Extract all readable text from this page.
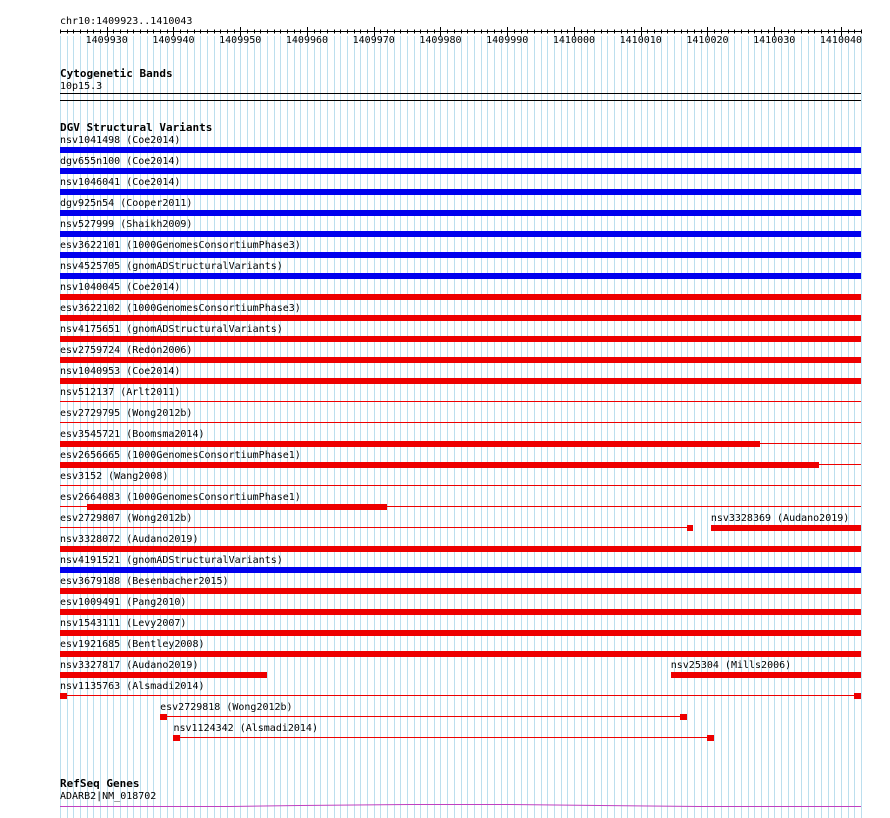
chr10:1409923..1410043
1409930 1409940 1409950 1409960 1409970 1409980 1409990 1410000 1410010 1410020 1410030 1410040
Cytogenetic Bands
10p15.3
DGV Structural Variants
nsv1041498 (Coe2014)
dgv655n100 (Coe2014)
nsv1046041 (Coe2014)
dgv925n54 (Cooper2011)
nsv527999 (Shaikh2009)
esv3622101 (1000GenomesConsortiumPhase3)
nsv4525705 (gnomADStructuralVariants)
nsv1040045 (Coe2014)
esv3622102 (1000GenomesConsortiumPhase3)
nsv4175651 (gnomADStructuralVariants)
esv2759724 (Redon2006)
nsv1040953 (Coe2014)
nsv512137 (Arlt2011)
esv2729795 (Wong2012b)
esv3545721 (Boomsma2014)
esv2656665 (1000GenomesConsortiumPhase1)
esv3152 (Wang2008)
esv2664083 (1000GenomesConsortiumPhase1)
esv2729807 (Wong2012b)	nsv3328369 (Audano2019)
nsv3328072 (Audano2019)
nsv4191521 (gnomADStructuralVariants)
esv3679188 (Besenbacher2015)
esv1009491 (Pang2010)
nsv1543111 (Levy2007)
esv1921685 (Bentley2008)
nsv3327817 (Audano2019)	nsv25304 (Mills2006)
nsv1135763 (Alsmadi2014)
esv2729818 (Wong2012b)
nsv1124342 (Alsmadi2014)
RefSeq Genes
ADARB2|NM_018702
